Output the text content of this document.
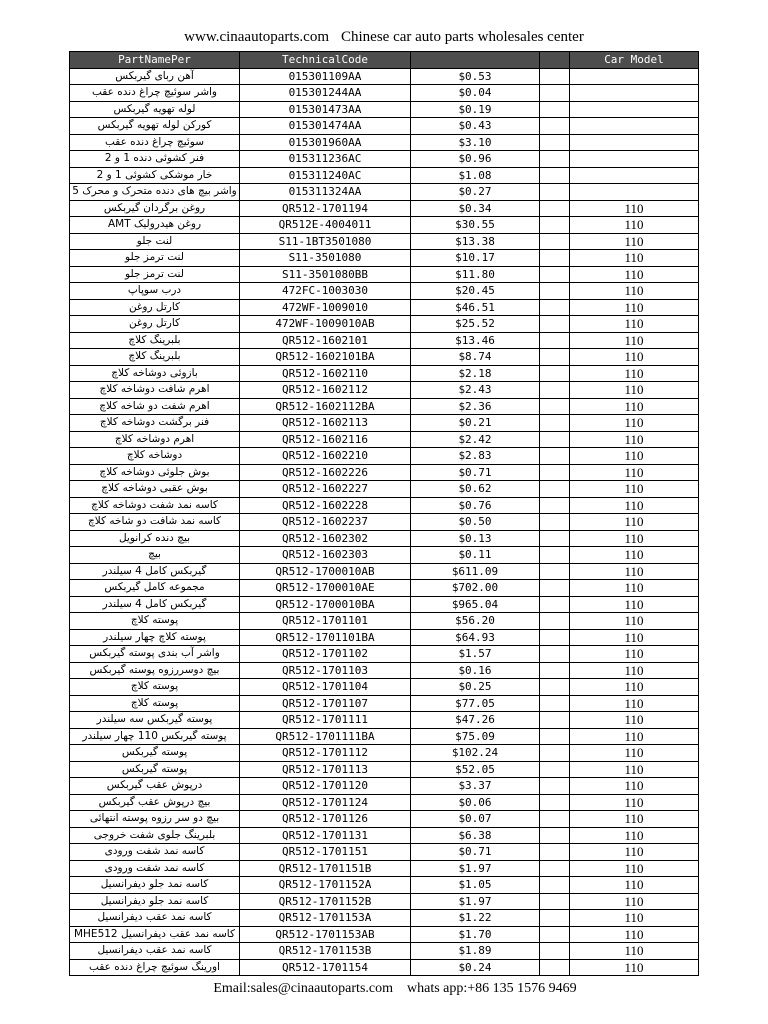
www.cinaautoparts.com Chinese car auto parts wholesales center
PartNamePer	TechnicalCode			Car Model
آهن ربای گیربکس	015301109AA	$0.53		
واشر سوئیچ چراغ دنده عقب	015301244AA	$0.04		
لوله تهویه گیربکس	015301473AA	$0.19		
کورکن لوله تهویه گیربکس	015301474AA	$0.43		
سوئیچ چراغ دنده عقب	015301960AA	$3.10		
فنر کشوئی دنده 1 و 2	015311236AC	$0.96		
خار موشکی کشوئی 1 و 2	015311240AC	$1.08		
واشر بیچ های دنده متحرک و محرک 5	015311324AA	$0.27		
روغن برگردان گیربکس	QR512-1701194	$0.34		110
AMT روغن هیدرولیک	QR512E-4004011	$30.55		110
لنت جلو	S11-1BT3501080	$13.38		110
لنت ترمز جلو	S11-3501080	$10.17		110
لنت ترمز جلو	S11-3501080BB	$11.80		110
درب سوپاپ	472FC-1003030	$20.45		110
کارتل روغن	472WF-1009010	$46.51		110
کارتل روغن	472WF-1009010AB	$25.52		110
بلبرینگ کلاچ	QR512-1602101	$13.46		110
بلبرینگ کلاچ	QR512-1602101BA	$8.74		110
بازوئی دوشاخه کلاچ	QR512-1602110	$2.18		110
اهرم شافت دوشاخه کلاچ	QR512-1602112	$2.43		110
اهرم شفت دو شاخه کلاچ	QR512-1602112BA	$2.36		110
فنر برگشت دوشاخه کلاچ	QR512-1602113	$0.21		110
اهرم دوشاخه کلاچ	QR512-1602116	$2.42		110
دوشاخه کلاچ	QR512-1602210	$2.83		110
بوش جلوئی دوشاخه کلاچ	QR512-1602226	$0.71		110
بوش عقبی دوشاخه کلاچ	QR512-1602227	$0.62		110
کاسه نمد شفت دوشاخه کلاچ	QR512-1602228	$0.76		110
کاسه نمد شافت دو شاخه کلاچ	QR512-1602237	$0.50		110
بیچ دنده کرانویل	QR512-1602302	$0.13		110
بیچ	QR512-1602303	$0.11		110
گیربکس کامل 4 سیلندر	QR512-1700010AB	$611.09		110
مجموعه کامل گیربکس	QR512-1700010AE	$702.00		110
گیربکس کامل 4 سیلندر	QR512-1700010BA	$965.04		110
پوسته کلاچ	QR512-1701101	$56.20		110
پوسته کلاچ چهار سیلندر	QR512-1701101BA	$64.93		110
واشر آب بندی پوسته گیربکس	QR512-1701102	$1.57		110
بیچ دوسررزوه پوسته گیربکس	QR512-1701103	$0.16		110
پوسته کلاچ	QR512-1701104	$0.25		110
پوسته کلاچ	QR512-1701107	$77.05		110
پوسته گیربکس سه سیلندر	QR512-1701111	$47.26		110
پوسته گیربکس 110 چهار سیلندر	QR512-1701111BA	$75.09		110
پوسته گیربکس	QR512-1701112	$102.24		110
پوسته گیربکس	QR512-1701113	$52.05		110
درپوش عقب گیربکس	QR512-1701120	$3.37		110
بیچ درپوش عقب گیربکس	QR512-1701124	$0.06		110
بیچ دو سر رزوه پوسته انتهائی	QR512-1701126	$0.07		110
بلبرینگ جلوی شفت خروجی	QR512-1701131	$6.38		110
کاسه نمد شفت ورودی	QR512-1701151	$0.71		110
کاسه نمد شفت ورودی	QR512-1701151B	$1.97		110
کاسه نمد جلو دیفرانسیل	QR512-1701152A	$1.05		110
کاسه نمد جلو دیفرانسیل	QR512-1701152B	$1.97		110
کاسه نمد عقب دیفرانسیل	QR512-1701153A	$1.22		110
MHEکاسه نمد عقب دیفرانسیل 512	QR512-1701153AB	$1.70		110
کاسه نمد عقب دیفرانسیل	QR512-1701153B	$1.89		110
اورینگ سوئیچ چراغ دنده عقب	QR512-1701154	$0.24		110
Email:sales@cinaautoparts.com whats app:+86 135 1576 9469
